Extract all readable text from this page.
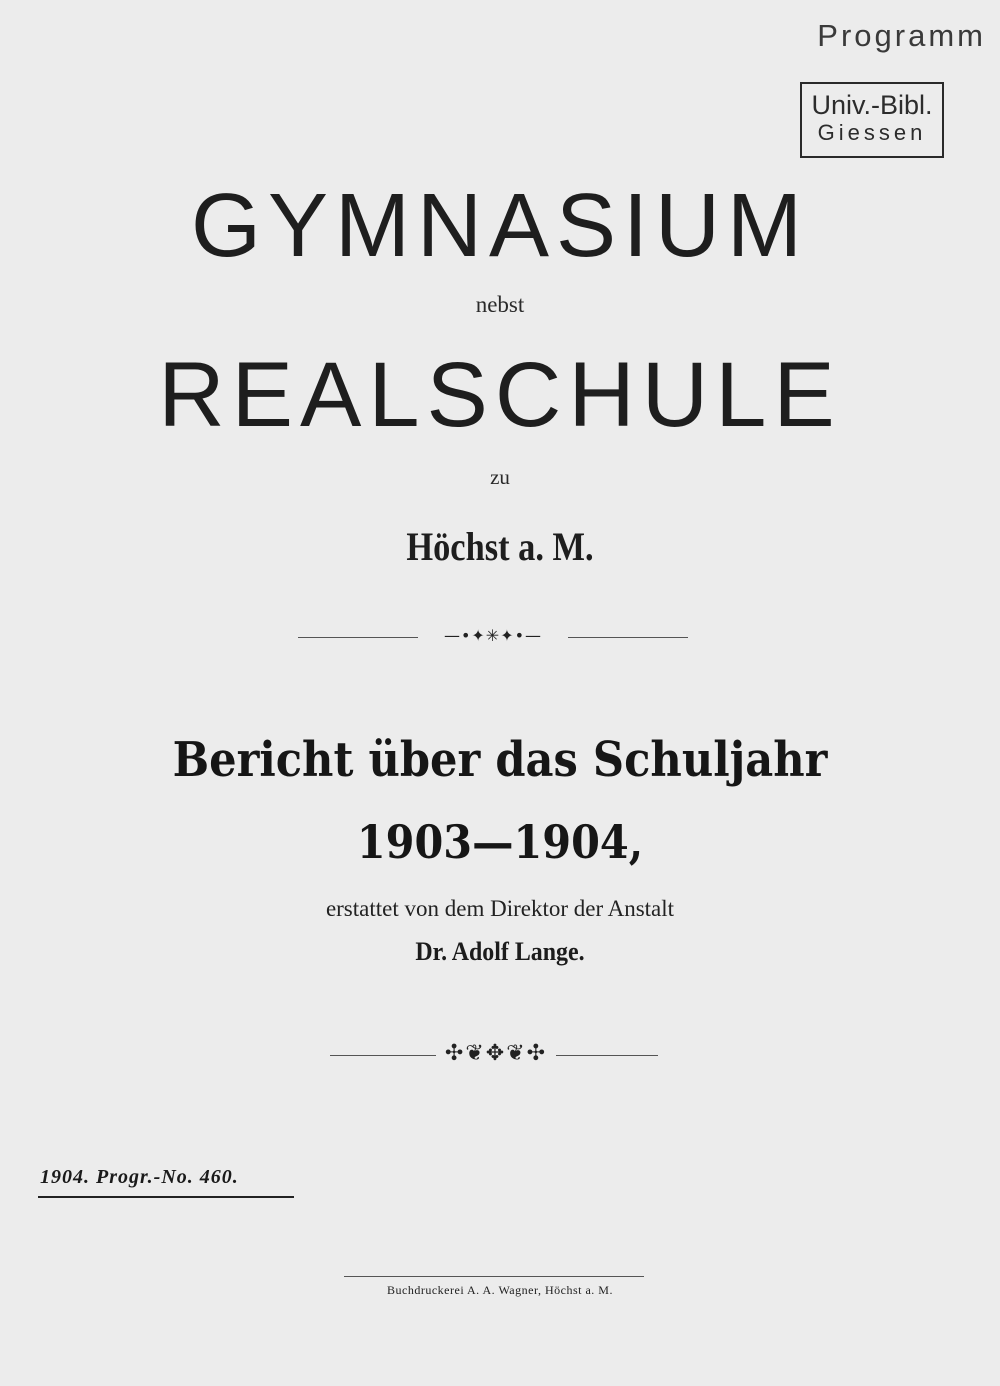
Programm
Univ.-Bibl.
Giessen
GYMNASIUM
nebst
REALSCHULE
zu
Höchst a. M.
—•✦✳✦•—
Bericht über das Schuljahr
1903—1904,
erstattet von dem Direktor der Anstalt
Dr. Adolf Lange.
✣❦✥❦✣
1904. Progr.-No. 460.
Buchdruckerei A. A. Wagner, Höchst a. M.
